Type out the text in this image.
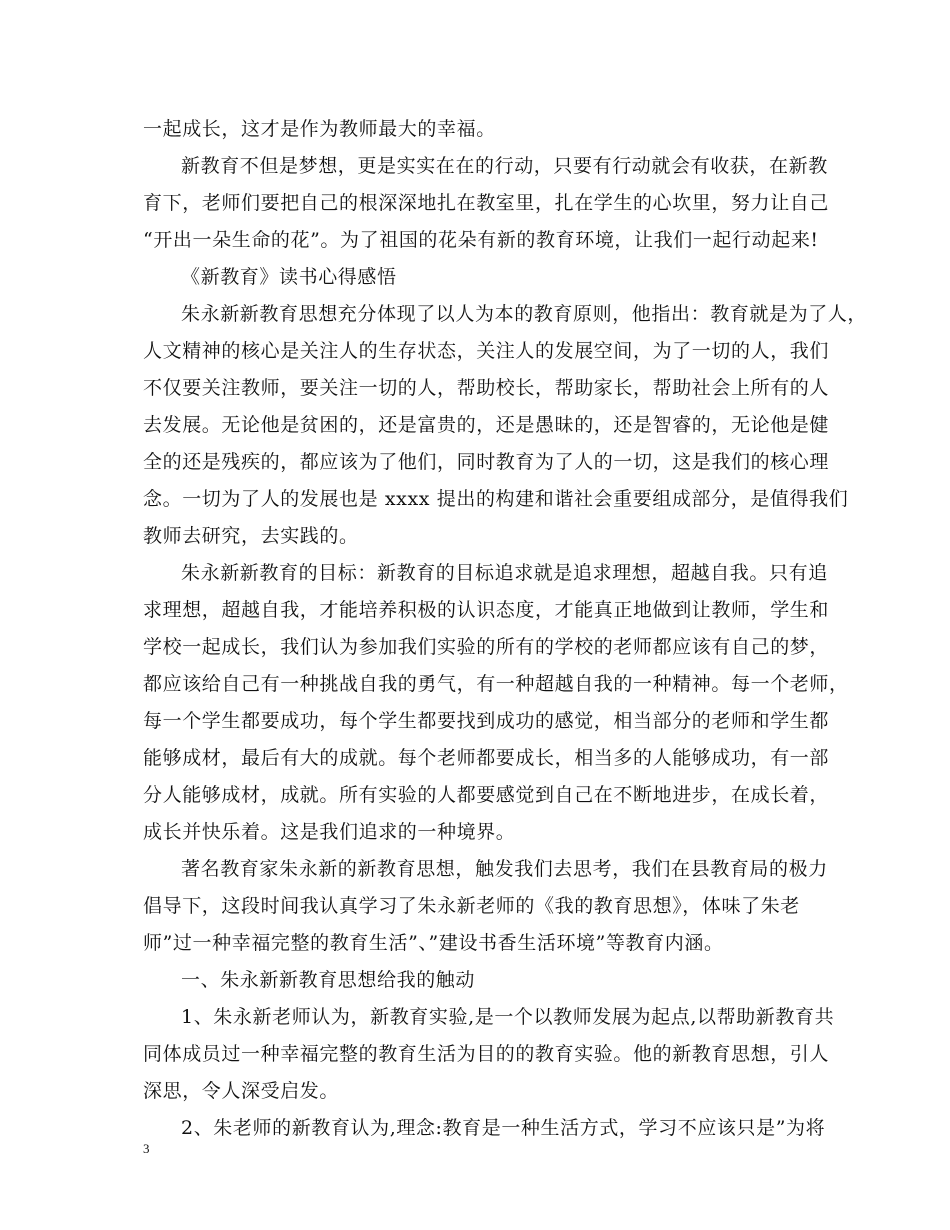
一起成长，这才是作为教师最大的幸福。
新教育不但是梦想，更是实实在在的行动，只要有行动就会有收获，在新教
育下，老师们要把自己的根深深地扎在教室里，扎在学生的心坎里，努力让自己
“开出一朵生命的花”。为了祖国的花朵有新的教育环境，让我们一起行动起来!
《新教育》读书心得感悟
朱永新新教育思想充分体现了以人为本的教育原则，他指出：教育就是为了人，
人文精神的核心是关注人的生存状态，关注人的发展空间，为了一切的人，我们
不仅要关注教师，要关注一切的人，帮助校长，帮助家长，帮助社会上所有的人
去发展。无论他是贫困的，还是富贵的，还是愚昧的，还是智睿的，无论他是健
全的还是残疾的，都应该为了他们，同时教育为了人的一切，这是我们的核心理
念。一切为了人的发展也是 xxxx 提出的构建和谐社会重要组成部分，是值得我们
教师去研究，去实践的。
朱永新新教育的目标：新教育的目标追求就是追求理想，超越自我。只有追
求理想，超越自我，才能培养积极的认识态度，才能真正地做到让教师，学生和
学校一起成长，我们认为参加我们实验的所有的学校的老师都应该有自己的梦，
都应该给自己有一种挑战自我的勇气，有一种超越自我的一种精神。每一个老师，
每一个学生都要成功，每个学生都要找到成功的感觉，相当部分的老师和学生都
能够成材，最后有大的成就。每个老师都要成长，相当多的人能够成功，有一部
分人能够成材，成就。所有实验的人都要感觉到自己在不断地进步，在成长着，
成长并快乐着。这是我们追求的一种境界。
著名教育家朱永新的新教育思想，触发我们去思考，我们在县教育局的极力
倡导下，这段时间我认真学习了朱永新老师的《我的教育思想》，体味了朱老
师”过一种幸福完整的教育生活”、”建设书香生活环境”等教育内涵。
一、朱永新新教育思想给我的触动
1、朱永新老师认为，新教育实验,是一个以教师发展为起点,以帮助新教育共
同体成员过一种幸福完整的教育生活为目的的教育实验。他的新教育思想，引人
深思，令人深受启发。
2、朱老师的新教育认为,理念:教育是一种生活方式，学习不应该只是”为将
3
